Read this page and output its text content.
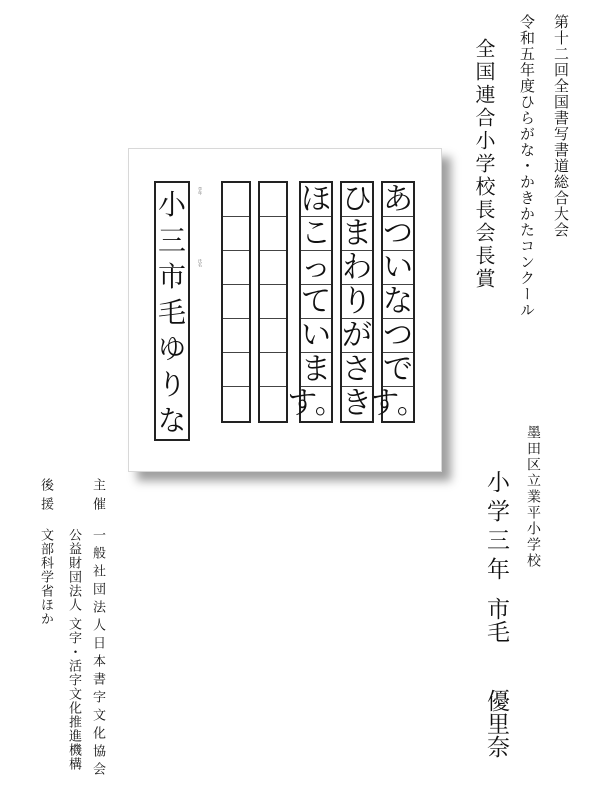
第十二回全国書写書道総合大会
令和五年度ひらがな・かきかたコンクール
全国連合小学校長会長賞
あ
つ
い
な
つ
で
す。
ひ
ま
わ
り
が
さ
き
ほ
こ
っ
て
い
ま
す。
学年
氏名
小
三
市
毛
ゆ
り
な
墨田区立業平小学校
小学三年
市毛優里奈
主催
一般社団法人日本書字文化協会
公益財団法人 文字・活字文化推進機構
後援
文部科学省ほか
